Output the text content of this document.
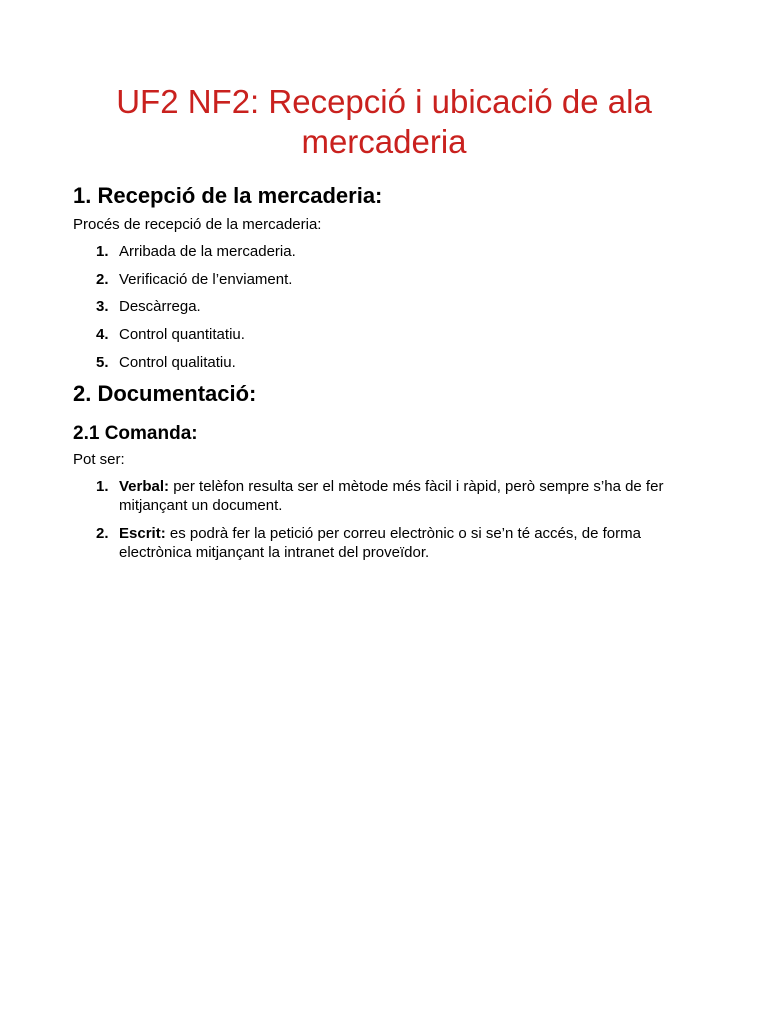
UF2 NF2: Recepció i ubicació de ala mercaderia
1. Recepció de la mercaderia:

Procés de recepció de la mercaderia:

1. Arribada de la mercaderia.
2. Verificació de l’enviament.
3. Descàrrega.
4. Control quantitatiu.
5. Control qualitatiu.
2. Documentació:
2.1 Comanda:

Pot ser:

1. Verbal: per telèfon resulta ser el mètode més fàcil i ràpid, però sempre s’ha de fer mitjançant un document.
2. Escrit: es podrà fer la petició per correu electrònic o si se’n té accés, de forma electrònica mitjançant la intranet del proveïdor.
